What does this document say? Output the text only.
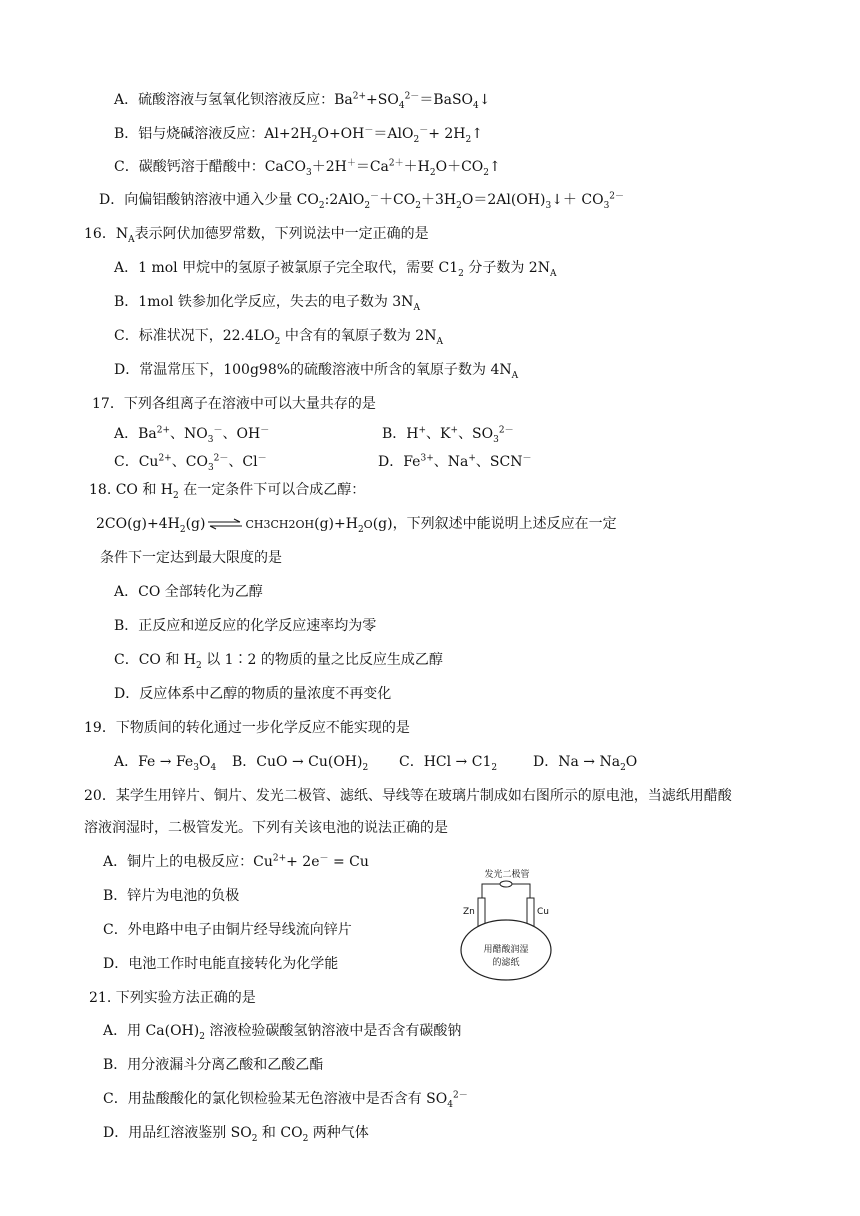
A．硫酸溶液与氢氧化钡溶液反应：$Ba^{2+}+SO_4^{2-}=BaSO_4↓$
B．铝与烧碱溶液反应：$Al+2H_2O+OH^-=AlO_2^-+$ $2H_2↑$
C．碳酸钙溶于醋酸中：$CaCO_3+2H^+=Ca^{2+}+H_2O+CO_2↑$
D．向偏铝酸钠溶液中通入少量 $CO_2:2AlO_2^-+CO_2+3H_2O=2Al(OH)_3↓+ CO_3^{2-}$
16．$N_A$表示阿伏加德罗常数，下列说法中一定正确的是
A．1 mol 甲烷中的氢原子被氯原子完全取代，需要 $C1_2$ 分子数为 $2N_A$
B．1mol 铁参加化学反应，失去的电子数为 $3N_A$
C．标准状况下，$22.4LO_2$ 中含有的氧原子数为 $2N_A$
D．常温常压下，100g98%的硫酸溶液中所含的氧原子数为 $4N_A$
17．下列各组离子在溶液中可以大量共存的是
A．$Ba^{2+}$、$NO_3^-$、OH－	B．H+、K+、$SO_3^{2-}$
C．$Cu^{2+}$、$CO_3^{2-}$、Cl－	D．$Fe^{3+}$、Na+、SCN－
18. CO 和 $H_2$ 在一定条件下可以合成乙醇：
$2CO(g)+4H_2(g)$ ⇌ $CH3CH2OH(g)+H_2O(g)$，下列叙述中能说明上述反应在一定
条件下一定达到最大限度的是
A．CO 全部转化为乙醇
B．正反应和逆反应的化学反应速率均为零
C．CO 和 $H_2$ 以 1∶2 的物质的量之比反应生成乙醇
D．反应体系中乙醇的物质的量浓度不再变化
19．下物质间的转化通过一步化学反应不能实现的是
A．$Fe \to Fe_3O_4$ B．CuO → $Cu(OH)_2$ C．HCl → $C1_2$	D．$Na \to Na_2O$
20．某学生用锌片、铜片、发光二极管、滤纸、导线等在玻璃片制成如右图所示的原电池，当滤纸用醋酸
溶液润湿时，二极管发光。下列有关该电池的说法正确的是
A．铜片上的电极反应：$Cu^{2+}+ 2e^- = Cu$
B．锌片为电池的负极
C．外电路中电子由铜片经导线流向锌片
D．电池工作时电能直接转化为化学能
发光二极管
Zn	Cu
用醋酸润湿
的滤纸
21. 下列实验方法正确的是
A．用 $Ca(OH)_2$ 溶液检验碳酸氢钠溶液中是否含有碳酸钠
B．用分液漏斗分离乙酸和乙酸乙酯
C．用盐酸酸化的氯化钡检验某无色溶液中是否含有 $SO_4^{2-}$
D．用品红溶液鉴别 $SO_2$ 和 $CO_2$ 两种气体
